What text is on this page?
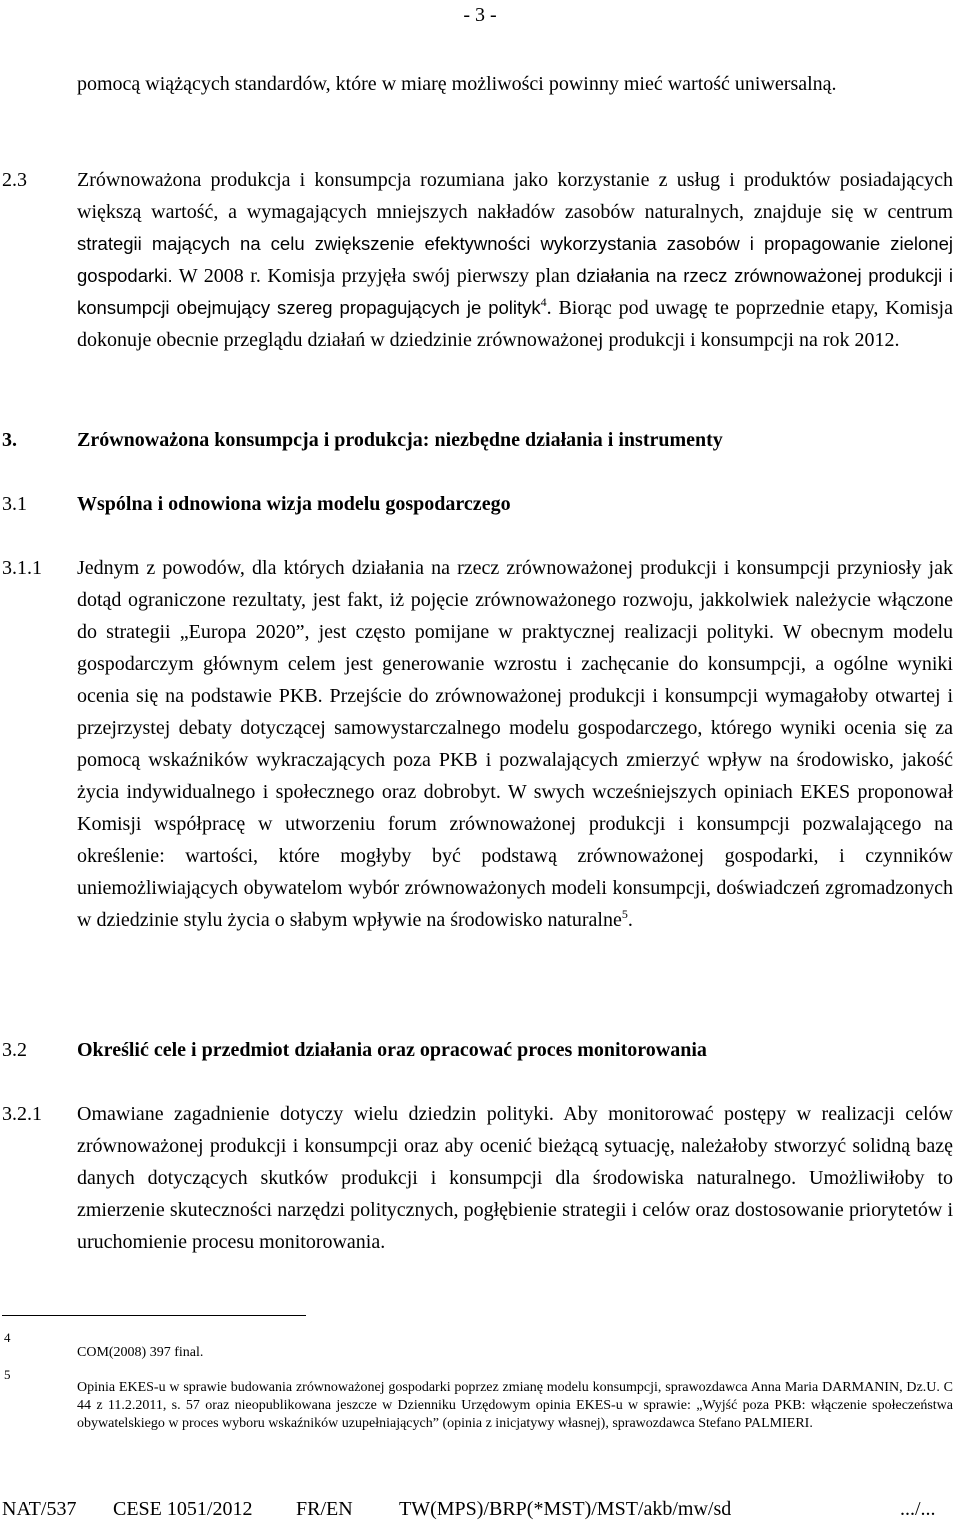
- 3 -
pomocą wiążących standardów, które w miarę możliwości powinny mieć wartość uniwersalną.
2.3	Zrównoważona produkcja i konsumpcja rozumiana jako korzystanie z usług i produktów posiadających większą wartość, a wymagających mniejszych nakładów zasobów naturalnych, znajduje się w centrum strategii mających na celu zwiększenie efektywności wykorzystania zasobów i propagowanie zielonej gospodarki. W 2008 r. Komisja przyjęła swój pierwszy plan działania na rzecz zrównoważonej produkcji i konsumpcji obejmujący szereg propagujących je polityk$^4$. Biorąc pod uwagę te poprzednie etapy, Komisja dokonuje obecnie przeglądu działań w dziedzinie zrównoważonej produkcji i konsumpcji na rok 2012.
3.	Zrównoważona konsumpcja i produkcja: niezbędne działania i instrumenty
3.1	Wspólna i odnowiona wizja modelu gospodarczego
3.1.1	Jednym z powodów, dla których działania na rzecz zrównoważonej produkcji i konsumpcji przyniosły jak dotąd ograniczone rezultaty, jest fakt, iż pojęcie zrównoważonego rozwoju, jakkolwiek należycie włączone do strategii „Europa 2020”, jest często pomijane w praktycznej realizacji polityki. W obecnym modelu gospodarczym głównym celem jest generowanie wzrostu i zachęcanie do konsumpcji, a ogólne wyniki ocenia się na podstawie PKB. Przejście do zrównoważonej produkcji i konsumpcji wymagałoby otwartej i przejrzystej debaty dotyczącej samowystarczalnego modelu gospodarczego, którego wyniki ocenia się za pomocą wskaźników wykraczających poza PKB i pozwalających zmierzyć wpływ na środowisko, jakość życia indywidualnego i społecznego oraz dobrobyt. W swych wcześniejszych opiniach EKES proponował Komisji współpracę w utworzeniu forum zrównoważonej produkcji i konsumpcji pozwalającego na określenie: wartości, które mogłyby być podstawą zrównoważonej gospodarki, i czynników uniemożliwiających obywatelom wybór zrównoważonych modeli konsumpcji, doświadczeń zgromadzonych w dziedzinie stylu życia o słabym wpływie na środowisko naturalne$^5$.
3.2	Określić cele i przedmiot działania oraz opracować proces monitorowania
3.2.1	Omawiane zagadnienie dotyczy wielu dziedzin polityki. Aby monitorować postępy w realizacji celów zrównoważonej produkcji i konsumpcji oraz aby ocenić bieżącą sytuację, należałoby stworzyć solidną bazę danych dotyczących skutków produkcji i konsumpcji dla środowiska naturalnego. Umożliwiłoby to zmierzenie skuteczności narzędzi politycznych, pogłębienie strategii i celów oraz dostosowanie priorytetów i uruchomienie procesu monitorowania.
4
COM(2008) 397 final.
5
Opinia EKES-u w sprawie budowania zrównoważonej gospodarki poprzez zmianę modelu konsumpcji, sprawozdawca Anna Maria DARMANIN, Dz.U. C 44 z 11.2.2011, s. 57 oraz nieopublikowana jeszcze w Dzienniku Urzędowym opinia EKES-u w sprawie: „Wyjść poza PKB: włączenie społeczeństwa obywatelskiego w proces wyboru wskaźników uzupełniających” (opinia z inicjatywy własnej), sprawozdawca Stefano PALMIERI.
NAT/537 CESE 1051/2012 FR/EN TW(MPS)/BRP(*MST)/MST/akb/mw/sd	.../...
